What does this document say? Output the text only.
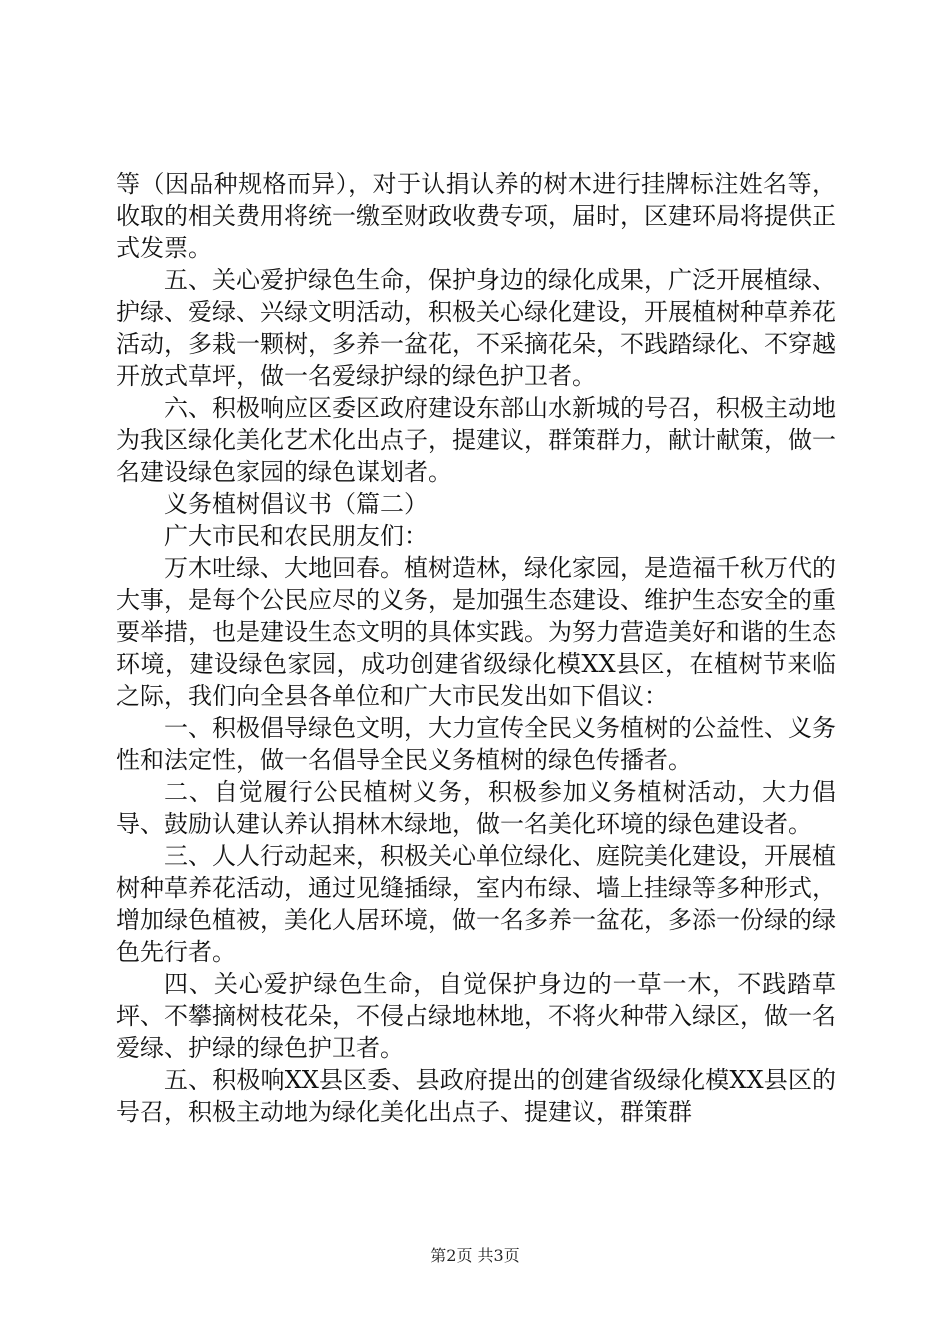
等（因品种规格而异），对于认捐认养的树木进行挂牌标注姓名等，收取的相关费用将统一缴至财政收费专项，届时，区建环局将提供正式发票。

五、关心爱护绿色生命，保护身边的绿化成果，广泛开展植绿、护绿、爱绿、兴绿文明活动，积极关心绿化建设，开展植树种草养花活动，多栽一颗树，多养一盆花，不采摘花朵，不践踏绿化、不穿越开放式草坪，做一名爱绿护绿的绿色护卫者。

六、积极响应区委区政府建设东部山水新城的号召，积极主动地为我区绿化美化艺术化出点子，提建议，群策群力，献计献策，做一名建设绿色家园的绿色谋划者。

义务植树倡议书（篇二）

广大市民和农民朋友们：

万木吐绿、大地回春。植树造林，绿化家园，是造福千秋万代的大事，是每个公民应尽的义务，是加强生态建设、维护生态安全的重要举措，也是建设生态文明的具体实践。为努力营造美好和谐的生态环境，建设绿色家园，成功创建省级绿化模XX县区，在植树节来临之际，我们向全县各单位和广大市民发出如下倡议：

一、积极倡导绿色文明，大力宣传全民义务植树的公益性、义务性和法定性，做一名倡导全民义务植树的绿色传播者。

二、自觉履行公民植树义务，积极参加义务植树活动，大力倡导、鼓励认建认养认捐林木绿地，做一名美化环境的绿色建设者。

三、人人行动起来，积极关心单位绿化、庭院美化建设，开展植树种草养花活动，通过见缝插绿，室内布绿、墙上挂绿等多种形式，增加绿色植被，美化人居环境，做一名多养一盆花，多添一份绿的绿色先行者。

四、关心爱护绿色生命，自觉保护身边的一草一木，不践踏草坪、不攀摘树枝花朵，不侵占绿地林地，不将火种带入绿区，做一名爱绿、护绿的绿色护卫者。

五、积极响XX县区委、县政府提出的创建省级绿化模XX县区的号召，积极主动地为绿化美化出点子、提建议，群策群

第2页 共3页
